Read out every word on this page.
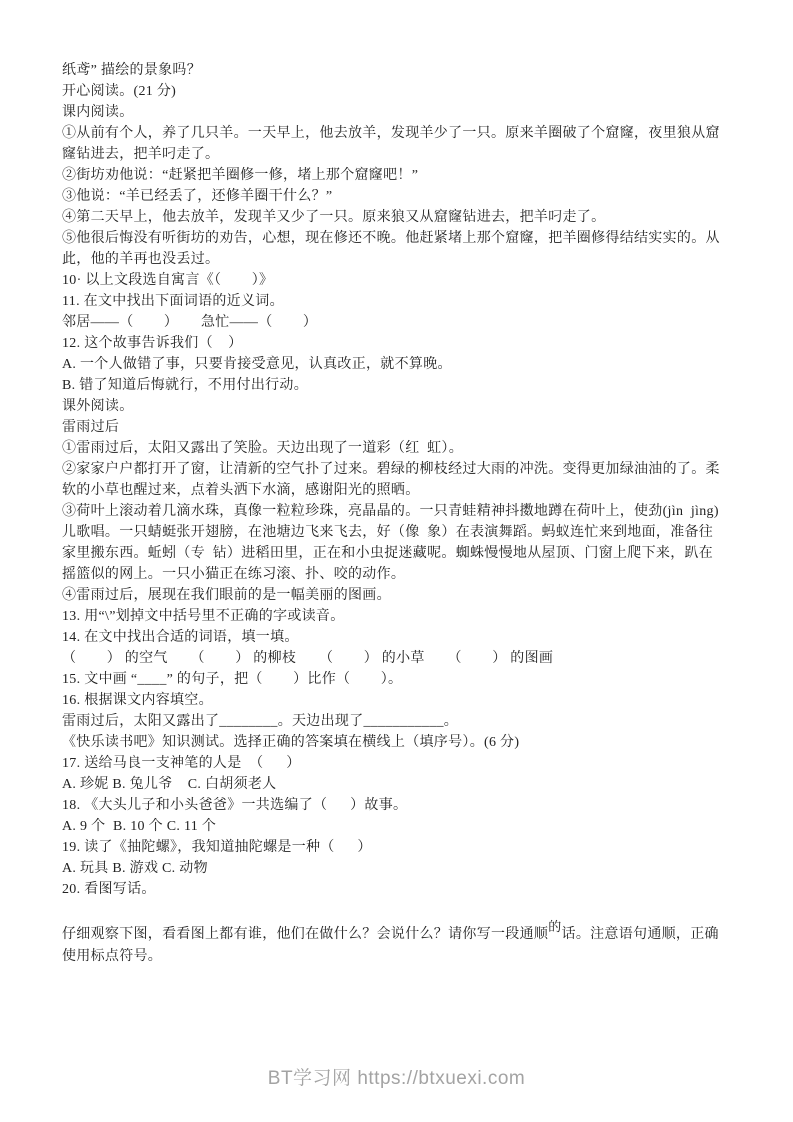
纸鸢” 描绘的景象吗？

开心阅读。(21 分)

课内阅读。

①从前有个人，养了几只羊。一天早上，他去放羊，发现羊少了一只。原来羊圈破了个窟窿，夜里狼从窟

窿钻进去，把羊叼走了。

②街坊劝他说：“赶紧把羊圈修一修，堵上那个窟窿吧！”

③他说：“羊已经丢了，还修羊圈干什么？”

④第二天早上，他去放羊，发现羊又少了一只。原来狼又从窟窿钻进去，把羊叼走了。

⑤他很后悔没有听街坊的劝告，心想，现在修还不晚。他赶紧堵上那个窟窿，把羊圈修得结结实实的。从

此，他的羊再也没丢过。

10· 以上文段选自寓言《（        ）》

11. 在文中找出下面词语的近义词。

邻居——（        ）      急忙——（        ）

12. 这个故事告诉我们（    ）

A. 一个人做错了事，只要肯接受意见，认真改正，就不算晚。

B. 错了知道后悔就行，不用付出行动。

课外阅读。

雷雨过后

①雷雨过后，太阳又露出了笑脸。天边出现了一道彩（红  虹）。

②家家户户都打开了窗，让清新的空气扑了过来。碧绿的柳枝经过大雨的冲洗。变得更加绿油油的了。柔

软的小草也醒过来，点着头洒下水滴，感谢阳光的照晒。

③荷叶上滚动着几滴水珠，真像一粒粒珍珠，亮晶晶的。一只青蛙精神抖擞地蹲在荷叶上，使劲(jìn  jìng)

儿歌唱。一只蜻蜓张开翅膀，在池塘边飞来飞去，好（像  象）在表演舞蹈。蚂蚁连忙来到地面，准备往

家里搬东西。蚯蚓（专  钻）进稻田里，正在和小虫捉迷藏呢。蜘蛛慢慢地从屋顶、门窗上爬下来，趴在

摇篮似的网上。一只小猫正在练习滚、扑、咬的动作。

④雷雨过后，展现在我们眼前的是一幅美丽的图画。

13. 用“\”划掉文中括号里不正确的字或读音。

14. 在文中找出合适的词语，填一填。

（        ） 的空气      （        ） 的柳枝      （        ） 的小草      （        ） 的图画

15. 文中画 “____” 的句子，把（        ）比作（        ）。

16. 根据课文内容填空。

雷雨过后，太阳又露出了________。天边出现了___________。

《快乐读书吧》知识测试。选择正确的答案填在横线上（填序号）。(6 分)

17. 送给马良一支神笔的人是  （      ）

A. 珍妮 B. 兔儿爷    C. 白胡须老人

18. 《大头儿子和小头爸爸》一共选编了（      ）故事。

A. 9 个  B. 10 个 C. 11 个

19. 读了《抽陀螺》，我知道抽陀螺是一种（      ）

A. 玩具 B. 游戏 C. 动物

20. 看图写话。

仔细观察下图，看看图上都有谁，他们在做什么？会说什么？请你写一段通顺的话。注意语句通顺，正确

使用标点符号。

BT学习网 https://btxuexi.com
